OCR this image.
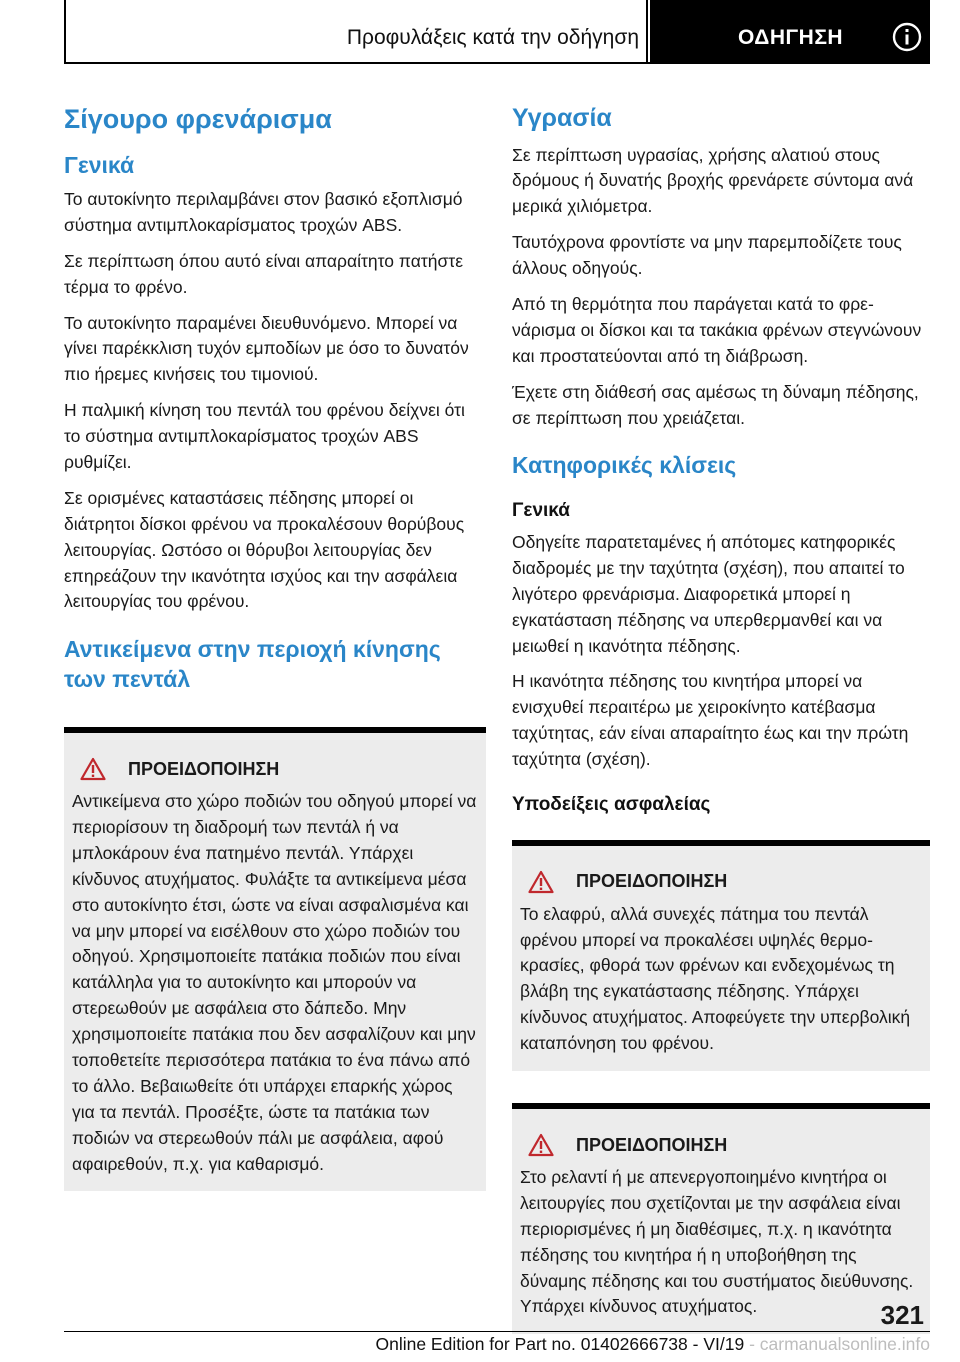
Προφυλάξεις κατά την οδήγηση	ΟΔΗΓΗΣΗ
Σίγουρο φρενάρισμα
Γενικά

Το αυτοκίνητο περιλαμβάνει στον βασικό εξοπλισμό σύστημα αντιμπλοκαρίσματος τροχών ABS.

Σε περίπτωση όπου αυτό είναι απαραίτητο πατήστε τέρμα το φρένο.

Το αυτοκίνητο παραμένει διευθυνόμενο. Μπορεί να γίνει παρέκκλιση τυχόν εμποδίων με όσο το δυνατόν πιο ήρεμες κινήσεις του τιμονιού.

Η παλμική κίνηση του πεντάλ του φρένου δείχνει ότι το σύστημα αντιμπλοκαρίσματος τροχών ABS ρυθμίζει.

Σε ορισμένες καταστάσεις πέδησης μπορεί οι διάτρητοι δίσκοι φρένου να προκαλέσουν θορύβους λειτουργίας. Ωστόσο οι θόρυβοι λειτουργίας δεν επηρεάζουν την ικανότητα ισχύος και την ασφάλεια λειτουργίας του φρένου.

Αντικείμενα στην περιοχή κίνησης των πεντάλ
ΠΡΟΕΙΔΟΠΟΙΗΣΗ

Αντικείμενα στο χώρο ποδιών του οδηγού μπορεί να περιορίσουν τη διαδρομή των πεντάλ ή να μπλοκάρουν ένα πατημένο πεντάλ. Υπάρχει κίνδυνος ατυχήματος. Φυλάξτε τα αντικείμενα μέσα στο αυτοκίνητο έτσι, ώστε να είναι ασφαλισμένα και να μην μπορεί να εισέλθουν στο χώρο ποδιών του οδηγού. Χρησιμοποιείτε πατάκια ποδιών που είναι κατάλληλα για το αυτοκίνητο και μπορούν να στερεωθούν με ασφάλεια στο δάπεδο. Μην χρησιμοποιείτε πατάκια που δεν ασφαλίζουν και μην τοποθετείτε περισσότερα πατάκια το ένα πάνω από το άλλο. Βεβαιωθείτε ότι υπάρχει επαρκής χώρος για τα πεντάλ. Προσέξτε, ώστε τα πατάκια των ποδιών να στερεωθούν πάλι με ασφάλεια, αφού αφαιρεθούν, π.χ. για καθαρισμό.

Υγρασία

Σε περίπτωση υγρασίας, χρήσης αλατιού στους δρόμους ή δυνατής βροχής φρενάρετε σύντομα ανά μερικά χιλιόμετρα.

Ταυτόχρονα φροντίστε να μην παρεμποδίζετε τους άλλους οδηγούς.

Από τη θερμότητα που παράγεται κατά το φρενάρισμα οι δίσκοι και τα τακάκια φρένων στεγνώνουν και προστατεύονται από τη διάβρωση.

Έχετε στη διάθεσή σας αμέσως τη δύναμη πέδησης, σε περίπτωση που χρειάζεται.

Κατηφορικές κλίσεις
Γενικά

Οδηγείτε παρατεταμένες ή απότομες κατηφορικές διαδρομές με την ταχύτητα (σχέση), που απαιτεί το λιγότερο φρενάρισμα. Διαφορετικά μπορεί η εγκατάσταση πέδησης να υπερθερμανθεί και να μειωθεί η ικανότητα πέδησης.

Η ικανότητα πέδησης του κινητήρα μπορεί να ενισχυθεί περαιτέρω με χειροκίνητο κατέβασμα ταχύτητας, εάν είναι απαραίτητο έως και την πρώτη ταχύτητα (σχέση).

Υποδείξεις ασφαλείας
ΠΡΟΕΙΔΟΠΟΙΗΣΗ

Το ελαφρύ, αλλά συνεχές πάτημα του πεντάλ φρένου μπορεί να προκαλέσει υψηλές θερμοκρασίες, φθορά των φρένων και ενδεχομένως τη βλάβη της εγκατάστασης πέδησης. Υπάρχει κίνδυνος ατυχήματος. Αποφεύγετε την υπερβολική καταπόνηση του φρένου.

ΠΡΟΕΙΔΟΠΟΙΗΣΗ

Στο ρελαντί ή με απενεργοποιημένο κινητήρα οι λειτουργίες που σχετίζονται με την ασφάλεια είναι περιορισμένες ή μη διαθέσιμες, π.χ. η ικανότητα πέδησης του κινητήρα ή η υποβοήθηση της δύναμης πέδησης και του συστήματος διεύθυνσης. Υπάρχει κίνδυνος ατυχήματος.	321
Online Edition for Part no. 01402666738 - VI/19 - carmanualsonline.info
